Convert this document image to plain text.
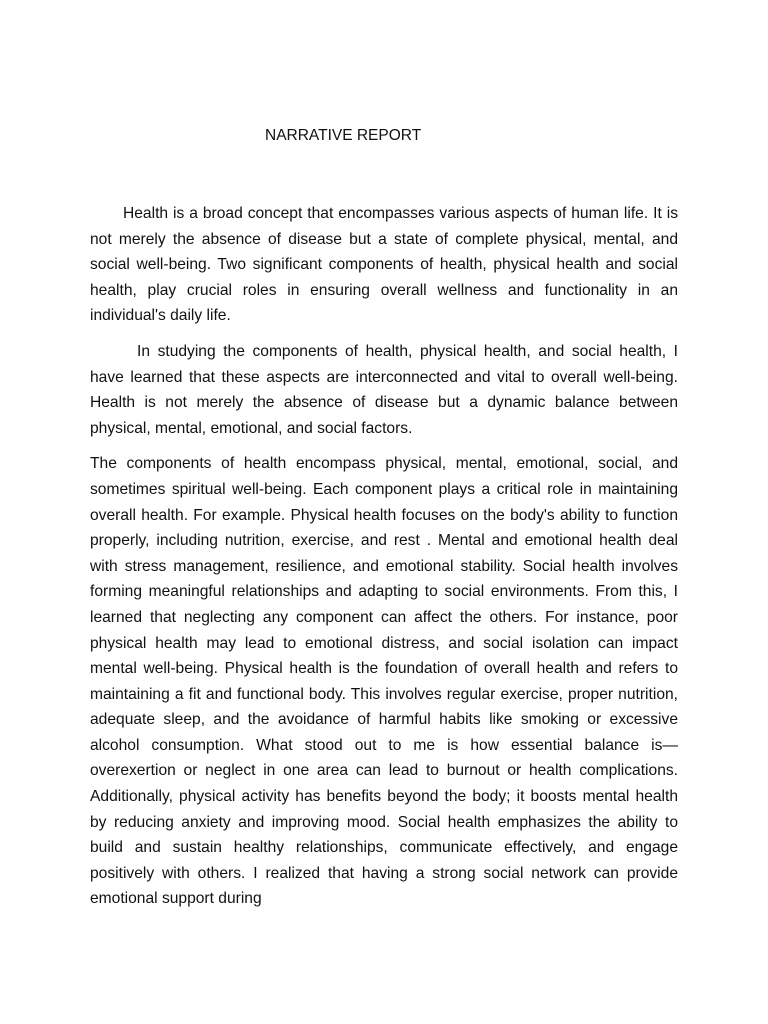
NARRATIVE REPORT

Health is a broad concept that encompasses various aspects of human life. It is not merely the absence of disease but a state of complete physical, mental, and social well-being. Two significant components of health, physical health and social health, play crucial roles in ensuring overall wellness and functionality in an individual's daily life.

In studying the components of health, physical health, and social health, I have learned that these aspects are interconnected and vital to overall well-being. Health is not merely the absence of disease but a dynamic balance between physical, mental, emotional, and social factors.

The components of health encompass physical, mental, emotional, social, and sometimes spiritual well-being. Each component plays a critical role in maintaining overall health. For example. Physical health focuses on the body's ability to function properly, including nutrition, exercise, and rest . Mental and emotional health deal with stress management, resilience, and emotional stability. Social health involves forming meaningful relationships and adapting to social environments. From this, I learned that neglecting any component can affect the others. For instance, poor physical health may lead to emotional distress, and social isolation can impact mental well-being. Physical health is the foundation of overall health and refers to maintaining a fit and functional body. This involves regular exercise, proper nutrition, adequate sleep, and the avoidance of harmful habits like smoking or excessive alcohol consumption. What stood out to me is how essential balance is—overexertion or neglect in one area can lead to burnout or health complications. Additionally, physical activity has benefits beyond the body; it boosts mental health by reducing anxiety and improving mood. Social health emphasizes the ability to build and sustain healthy relationships, communicate effectively, and engage positively with others. I realized that having a strong social network can provide emotional support during
